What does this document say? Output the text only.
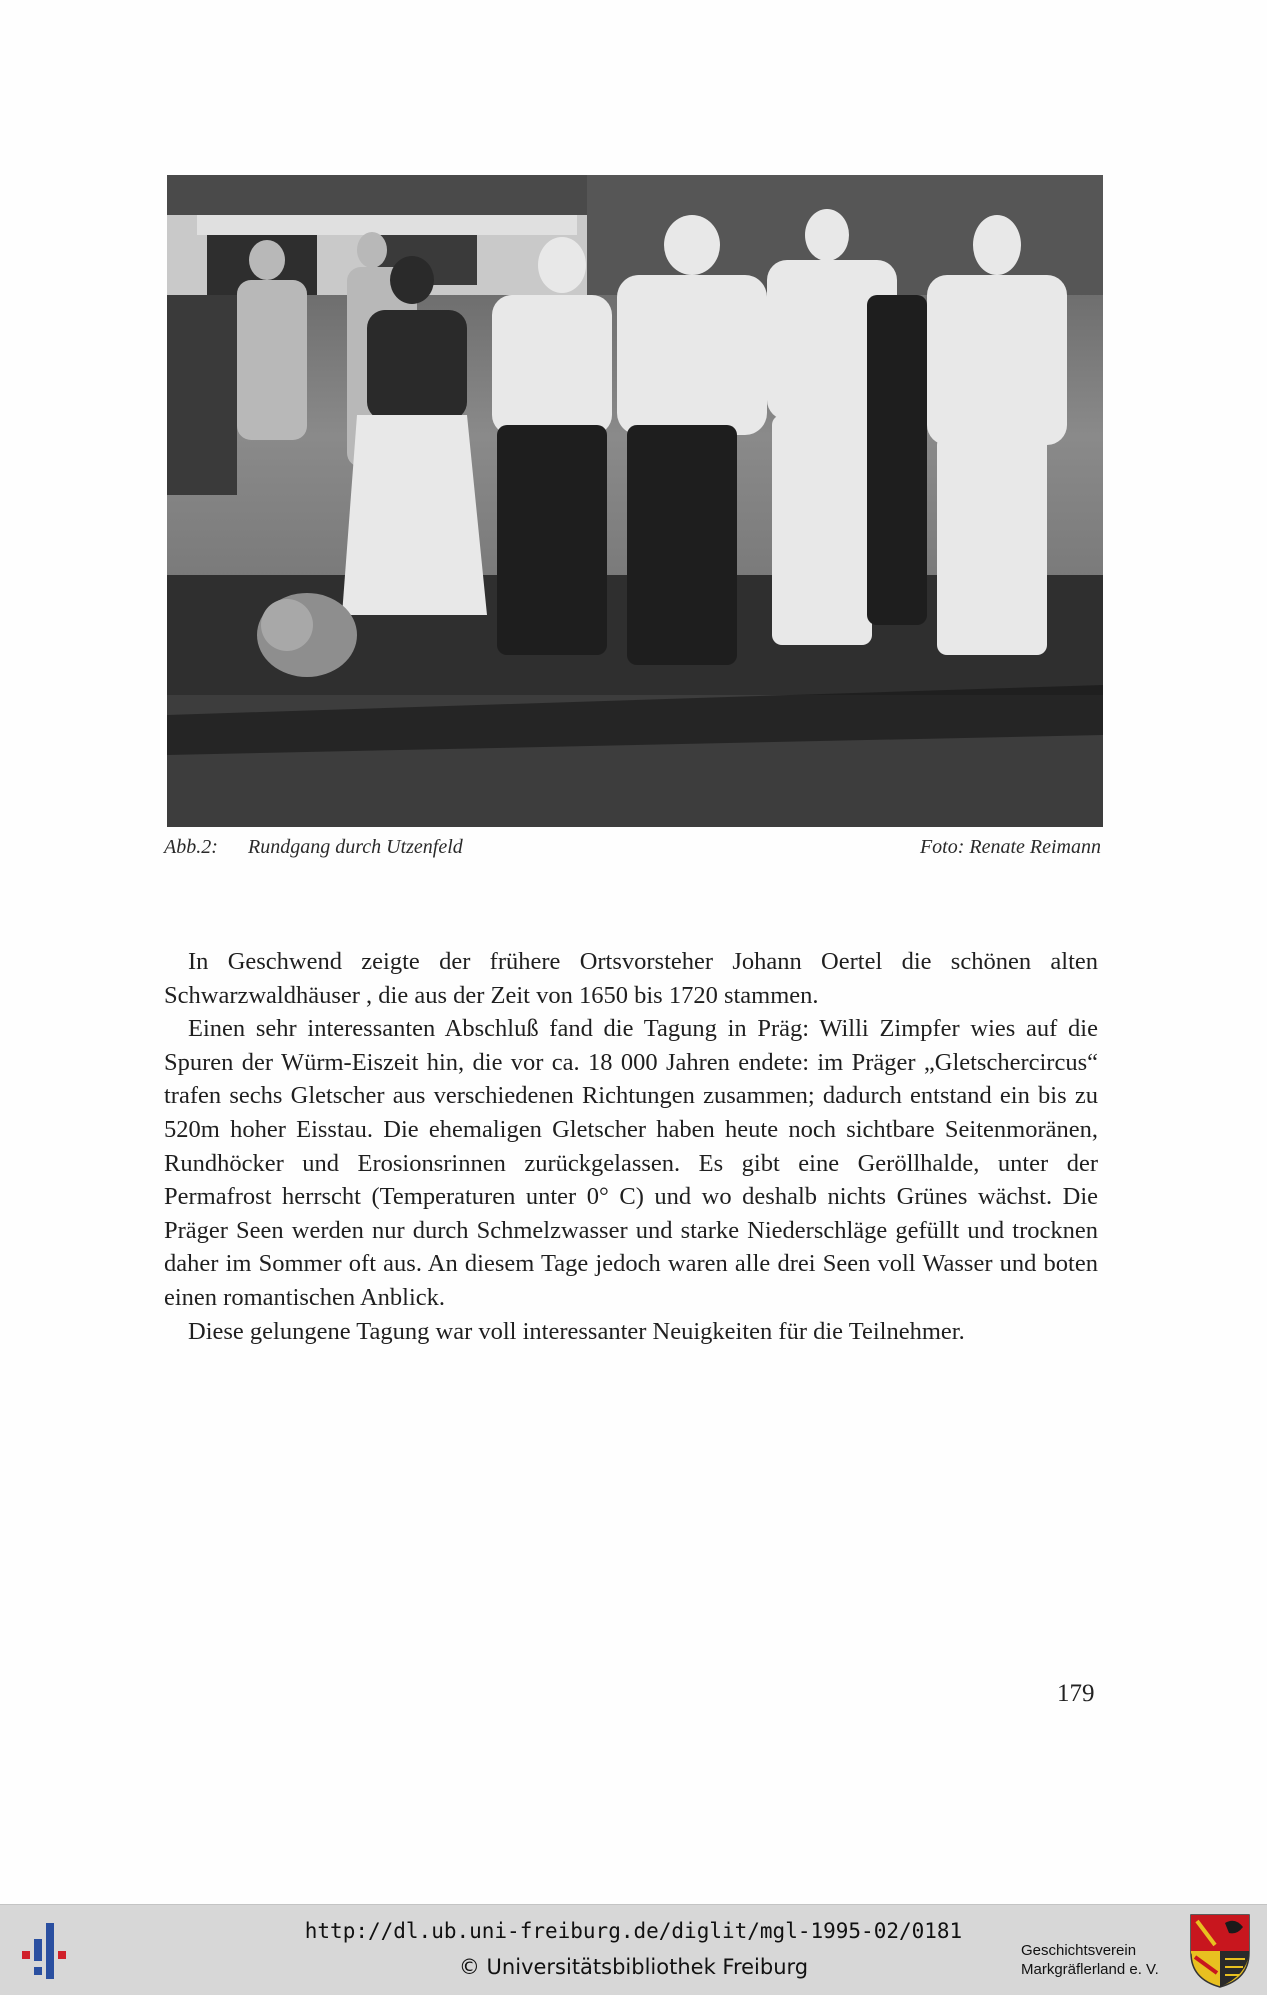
Abb.2: Rundgang durch Utzenfeld	Foto: Renate Reimann

In Geschwend zeigte der frühere Ortsvorsteher Johann Oertel die schönen alten Schwarzwaldhäuser , die aus der Zeit von 1650 bis 1720 stammen.

Einen sehr interessanten Abschluß fand die Tagung in Präg: Willi Zimpfer wies auf die Spuren der Würm-Eiszeit hin, die vor ca. 18 000 Jahren endete: im Präger „Gletschercircus“ trafen sechs Gletscher aus verschiedenen Richtungen zusammen; dadurch entstand ein bis zu 520m hoher Eisstau. Die ehemaligen Gletscher haben heute noch sichtbare Seitenmoränen, Rundhöcker und Erosionsrinnen zurückgelassen. Es gibt eine Geröllhalde, unter der Permafrost herrscht (Temperaturen unter 0° C) und wo deshalb nichts Grünes wächst. Die Präger Seen werden nur durch Schmelzwasser und starke Niederschläge gefüllt und trocknen daher im Sommer oft aus. An diesem Tage jedoch waren alle drei Seen voll Wasser und boten einen romantischen Anblick.

Diese gelungene Tagung war voll interessanter Neuigkeiten für die Teilnehmer.

179
http://dl.ub.uni-freiburg.de/diglit/mgl-1995-02/0181
© Universitätsbibliothek Freiburg
Geschichtsverein
Markgräflerland e. V.
